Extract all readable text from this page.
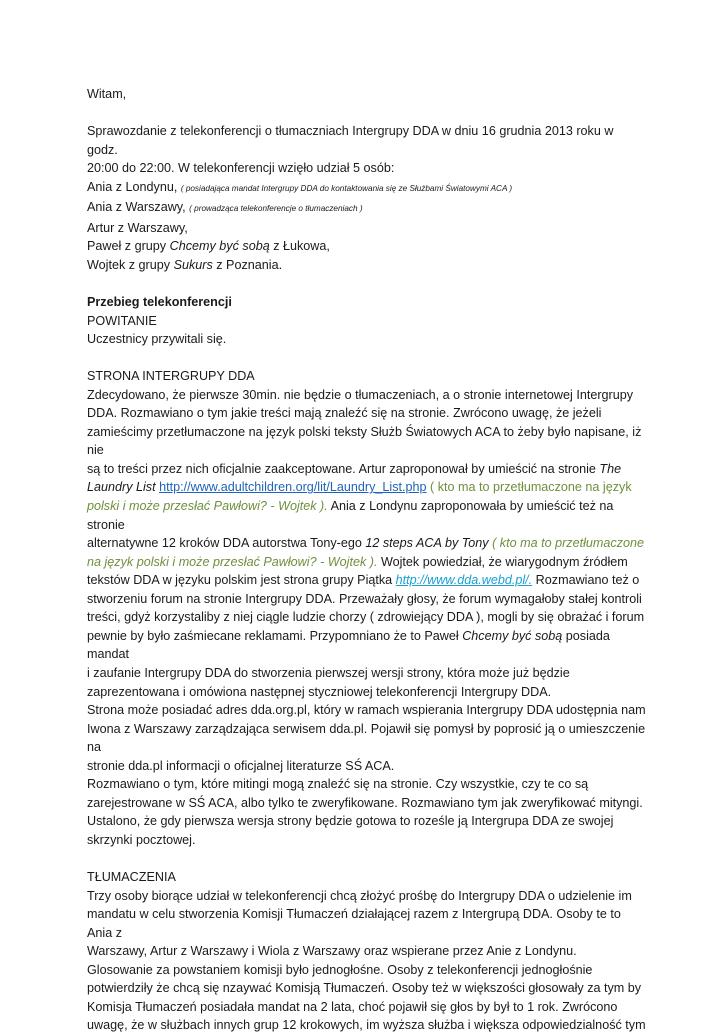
Witam,

Sprawozdanie z telekonferencji o tłumaczniach Intergrupy DDA w dniu 16 grudnia 2013 roku w godz.

20:00 do 22:00. W telekonferencji wzięło udział 5 osób:

Ania z Londynu, ( posiadająca mandat Intergrupy DDA do kontaktowania się ze Służbami Światowymi ACA )

Ania z Warszawy, ( prowadząca telekonferencje o tłumaczeniach )

Artur z Warszawy,

Paweł z grupy Chcemy być sobą z Łukowa,

Wojtek z grupy Sukurs z Poznania.

Przebieg telekonferencji

POWITANIE

Uczestnicy przywitali się.

STRONA INTERGRUPY DDA

Zdecydowano, że pierwsze 30min. nie będzie o tłumaczeniach, a o stronie internetowej Intergrupy

DDA. Rozmawiano o tym jakie treści mają znaleźć się na stronie. Zwrócono uwagę, że jeżeli

zamieścimy przetłumaczone na język polski teksty Służb Światowych ACA to żeby było napisane, iż nie

są to treści przez nich oficjalnie zaakceptowane. Artur zaproponował by umieścić na stronie The

Laundry List http://www.adultchildren.org/lit/Laundry_List.php ( kto ma to przetłumaczone na język

polski i może przesłać Pawłowi? - Wojtek ). Ania z Londynu zaproponowała by umieścić też na stronie

alternatywne 12 kroków DDA autorstwa Tony-ego 12 steps ACA by Tony ( kto ma to przetłumaczone

na język polski i może przesłać Pawłowi? - Wojtek ). Wojtek powiedział, że wiarygodnym źródłem

tekstów DDA w języku polskim jest strona grupy Piątka http://www.dda.webd.pl/. Rozmawiano też o

stworzeniu forum na stronie Intergrupy DDA. Przeważały głosy, że forum wymagałoby stałej kontroli

treści, gdyż korzystaliby z niej ciągle ludzie chorzy ( zdrowiejący DDA ), mogli by się obrażać i forum

pewnie by było zaśmiecane reklamami. Przypomniano że to Paweł Chcemy być sobą posiada mandat

i zaufanie Intergrupy DDA do stworzenia pierwszej wersji strony, która może już będzie

zaprezentowana i omówiona następnej styczniowej telekonferencji Intergrupy DDA.

Strona może posiadać adres dda.org.pl, który w ramach wspierania Intergrupy DDA udostępnia nam

Iwona z Warszawy zarządzająca serwisem dda.pl. Pojawił się pomysł by poprosić ją o umieszczenie na

stronie dda.pl informacji o oficjalnej literaturze SŚ ACA.

Rozmawiano o tym, które mitingi mogą znaleźć się na stronie. Czy wszystkie, czy te co są

zarejestrowane w SŚ ACA, albo tylko te zweryfikowane. Rozmawiano tym jak zweryfikować mityngi.

Ustalono, że gdy pierwsza wersja strony będzie gotowa to roześle ją Intergrupa DDA ze swojej

skrzynki pocztowej.

TŁUMACZENIA

Trzy osoby biorące udział w telekonferencji chcą złożyć prośbę do Intergrupy DDA o udzielenie im

mandatu w celu stworzenia Komisji Tłumaczeń działającej razem z Intergrupą DDA. Osoby te to Ania z

Warszawy, Artur z Warszawy i Wiola z Warszawy oraz wspierane przez Anie z Londynu.

Glosowanie za powstaniem komisji było jednogłośne. Osoby z telekonferencji jednogłośnie

potwierdziły że chcą się nzaywać Komisją Tłumaczeń. Osoby też w większości głosowały za tym by

Komisja Tłumaczeń posiadała mandat na 2 lata, choć pojawił się głos by był to 1 rok. Zwrócono

uwagę, że w służbach innych grup 12 krokowych, im wyższa służba i większa odpowiedzialność tym
